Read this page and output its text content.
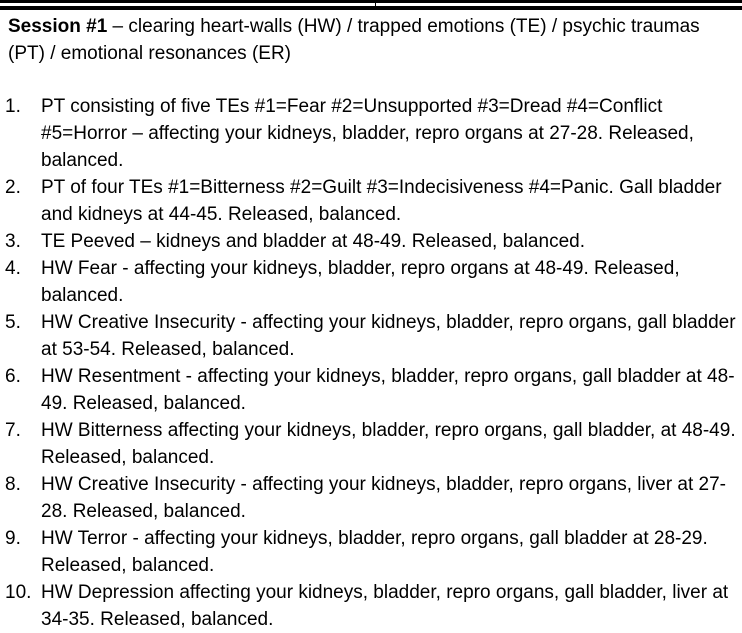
Session #1 – clearing heart-walls (HW) / trapped emotions (TE) / psychic traumas (PT) / emotional resonances (ER)
1. PT consisting of five TEs #1=Fear #2=Unsupported #3=Dread #4=Conflict #5=Horror – affecting your kidneys, bladder, repro organs at 27-28. Released, balanced.
2. PT of four TEs #1=Bitterness #2=Guilt #3=Indecisiveness #4=Panic. Gall bladder and kidneys at 44-45. Released, balanced.
3. TE Peeved – kidneys and bladder at 48-49. Released, balanced.
4. HW Fear - affecting your kidneys, bladder, repro organs at 48-49. Released, balanced.
5. HW Creative Insecurity - affecting your kidneys, bladder, repro organs, gall bladder at 53-54. Released, balanced.
6. HW Resentment - affecting your kidneys, bladder, repro organs, gall bladder at 48-49. Released, balanced.
7. HW Bitterness affecting your kidneys, bladder, repro organs, gall bladder, at 48-49. Released, balanced.
8. HW Creative Insecurity - affecting your kidneys, bladder, repro organs, liver at 27-28. Released, balanced.
9. HW Terror - affecting your kidneys, bladder, repro organs, gall bladder at 28-29. Released, balanced.
10. HW Depression affecting your kidneys, bladder, repro organs, gall bladder, liver at 34-35. Released, balanced.
